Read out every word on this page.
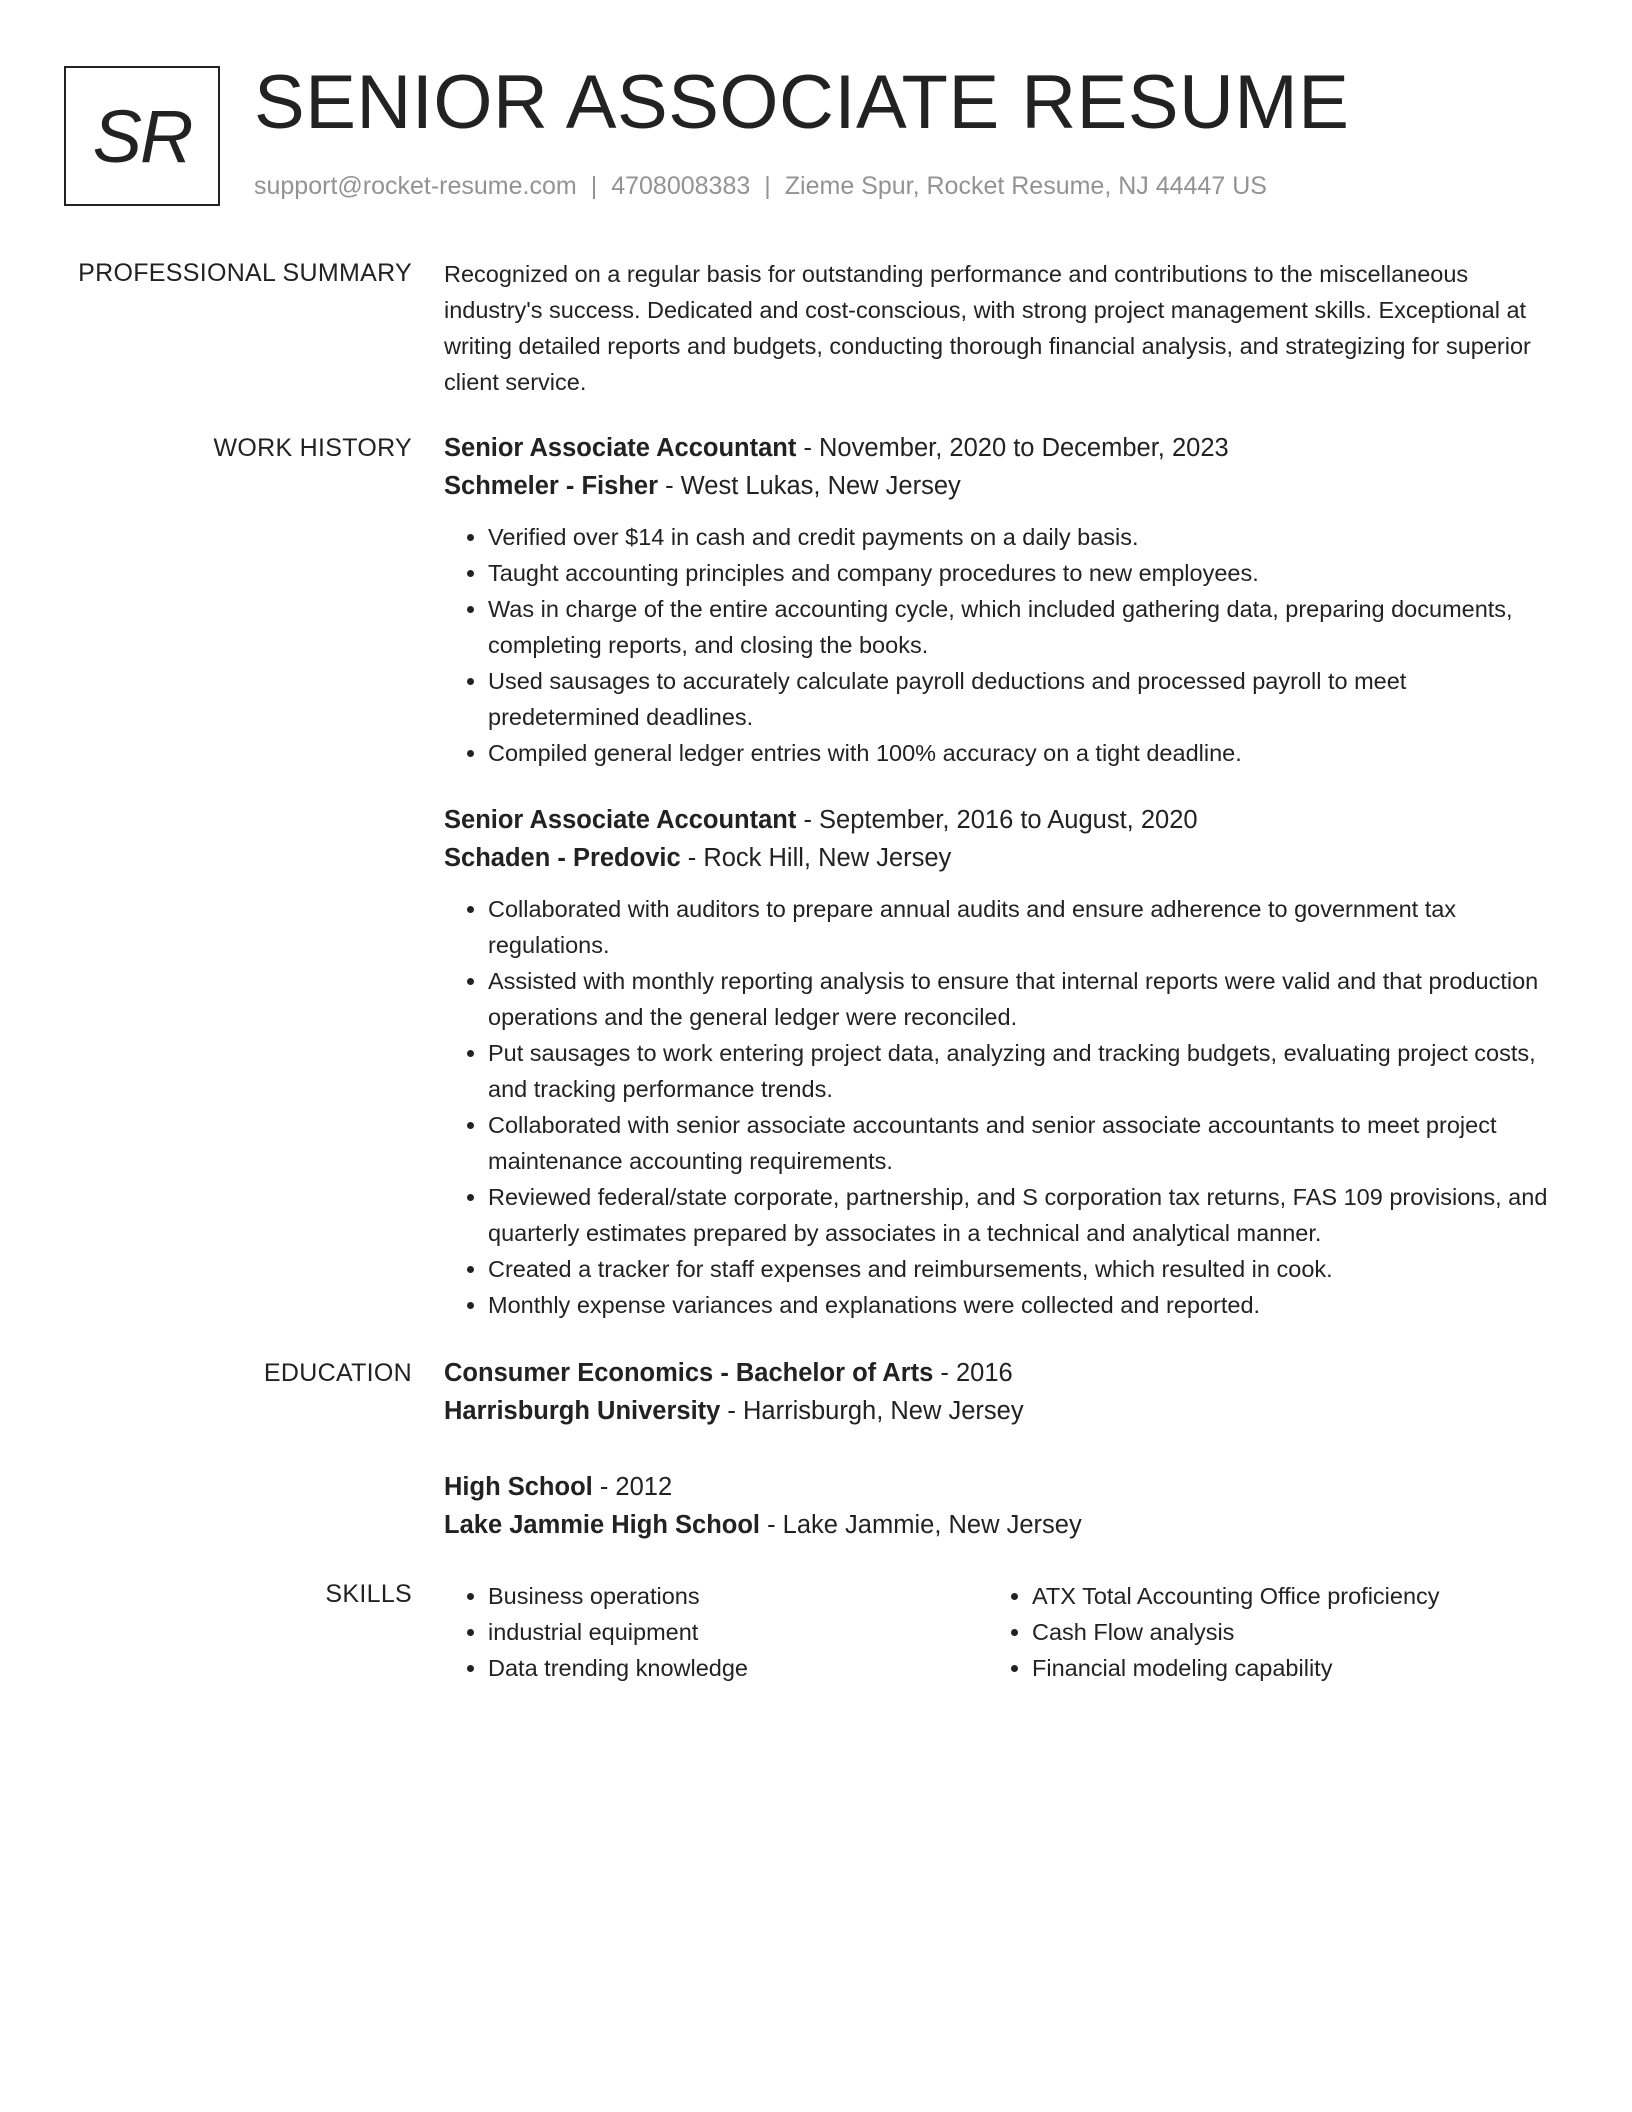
SR SENIOR ASSOCIATE RESUME
support@rocket-resume.com | 4708008383 | Zieme Spur, Rocket Resume, NJ 44447 US
PROFESSIONAL SUMMARY Recognized on a regular basis for outstanding performance and contributions to the miscellaneous industry's success. Dedicated and cost-conscious, with strong project management skills. Exceptional at writing detailed reports and budgets, conducting thorough financial analysis, and strategizing for superior client service.

WORK HISTORY Senior Associate Accountant - November, 2020 to December, 2023
Schmeler - Fisher - West Lukas, New Jersey
• Verified over $14 in cash and credit payments on a daily basis.
• Taught accounting principles and company procedures to new employees.
• Was in charge of the entire accounting cycle, which included gathering data, preparing documents, completing reports, and closing the books.
• Used sausages to accurately calculate payroll deductions and processed payroll to meet predetermined deadlines.
• Compiled general ledger entries with 100% accuracy on a tight deadline.
Senior Associate Accountant - September, 2016 to August, 2020
Schaden - Predovic - Rock Hill, New Jersey
• Collaborated with auditors to prepare annual audits and ensure adherence to government tax regulations.
• Assisted with monthly reporting analysis to ensure that internal reports were valid and that production operations and the general ledger were reconciled.
• Put sausages to work entering project data, analyzing and tracking budgets, evaluating project costs, and tracking performance trends.
• Collaborated with senior associate accountants and senior associate accountants to meet project maintenance accounting requirements.
• Reviewed federal/state corporate, partnership, and S corporation tax returns, FAS 109 provisions, and quarterly estimates prepared by associates in a technical and analytical manner.
• Created a tracker for staff expenses and reimbursements, which resulted in cook.
• Monthly expense variances and explanations were collected and reported.
EDUCATION Consumer Economics - Bachelor of Arts - 2016
Harrisburgh University - Harrisburgh, New Jersey
High School - 2012
Lake Jammie High School - Lake Jammie, New Jersey
SKILLS
•	Business operations
• industrial equipment
• Data trending knowledge
• ATX Total Accounting Office proficiency
• Cash Flow analysis
• Financial modeling capability
